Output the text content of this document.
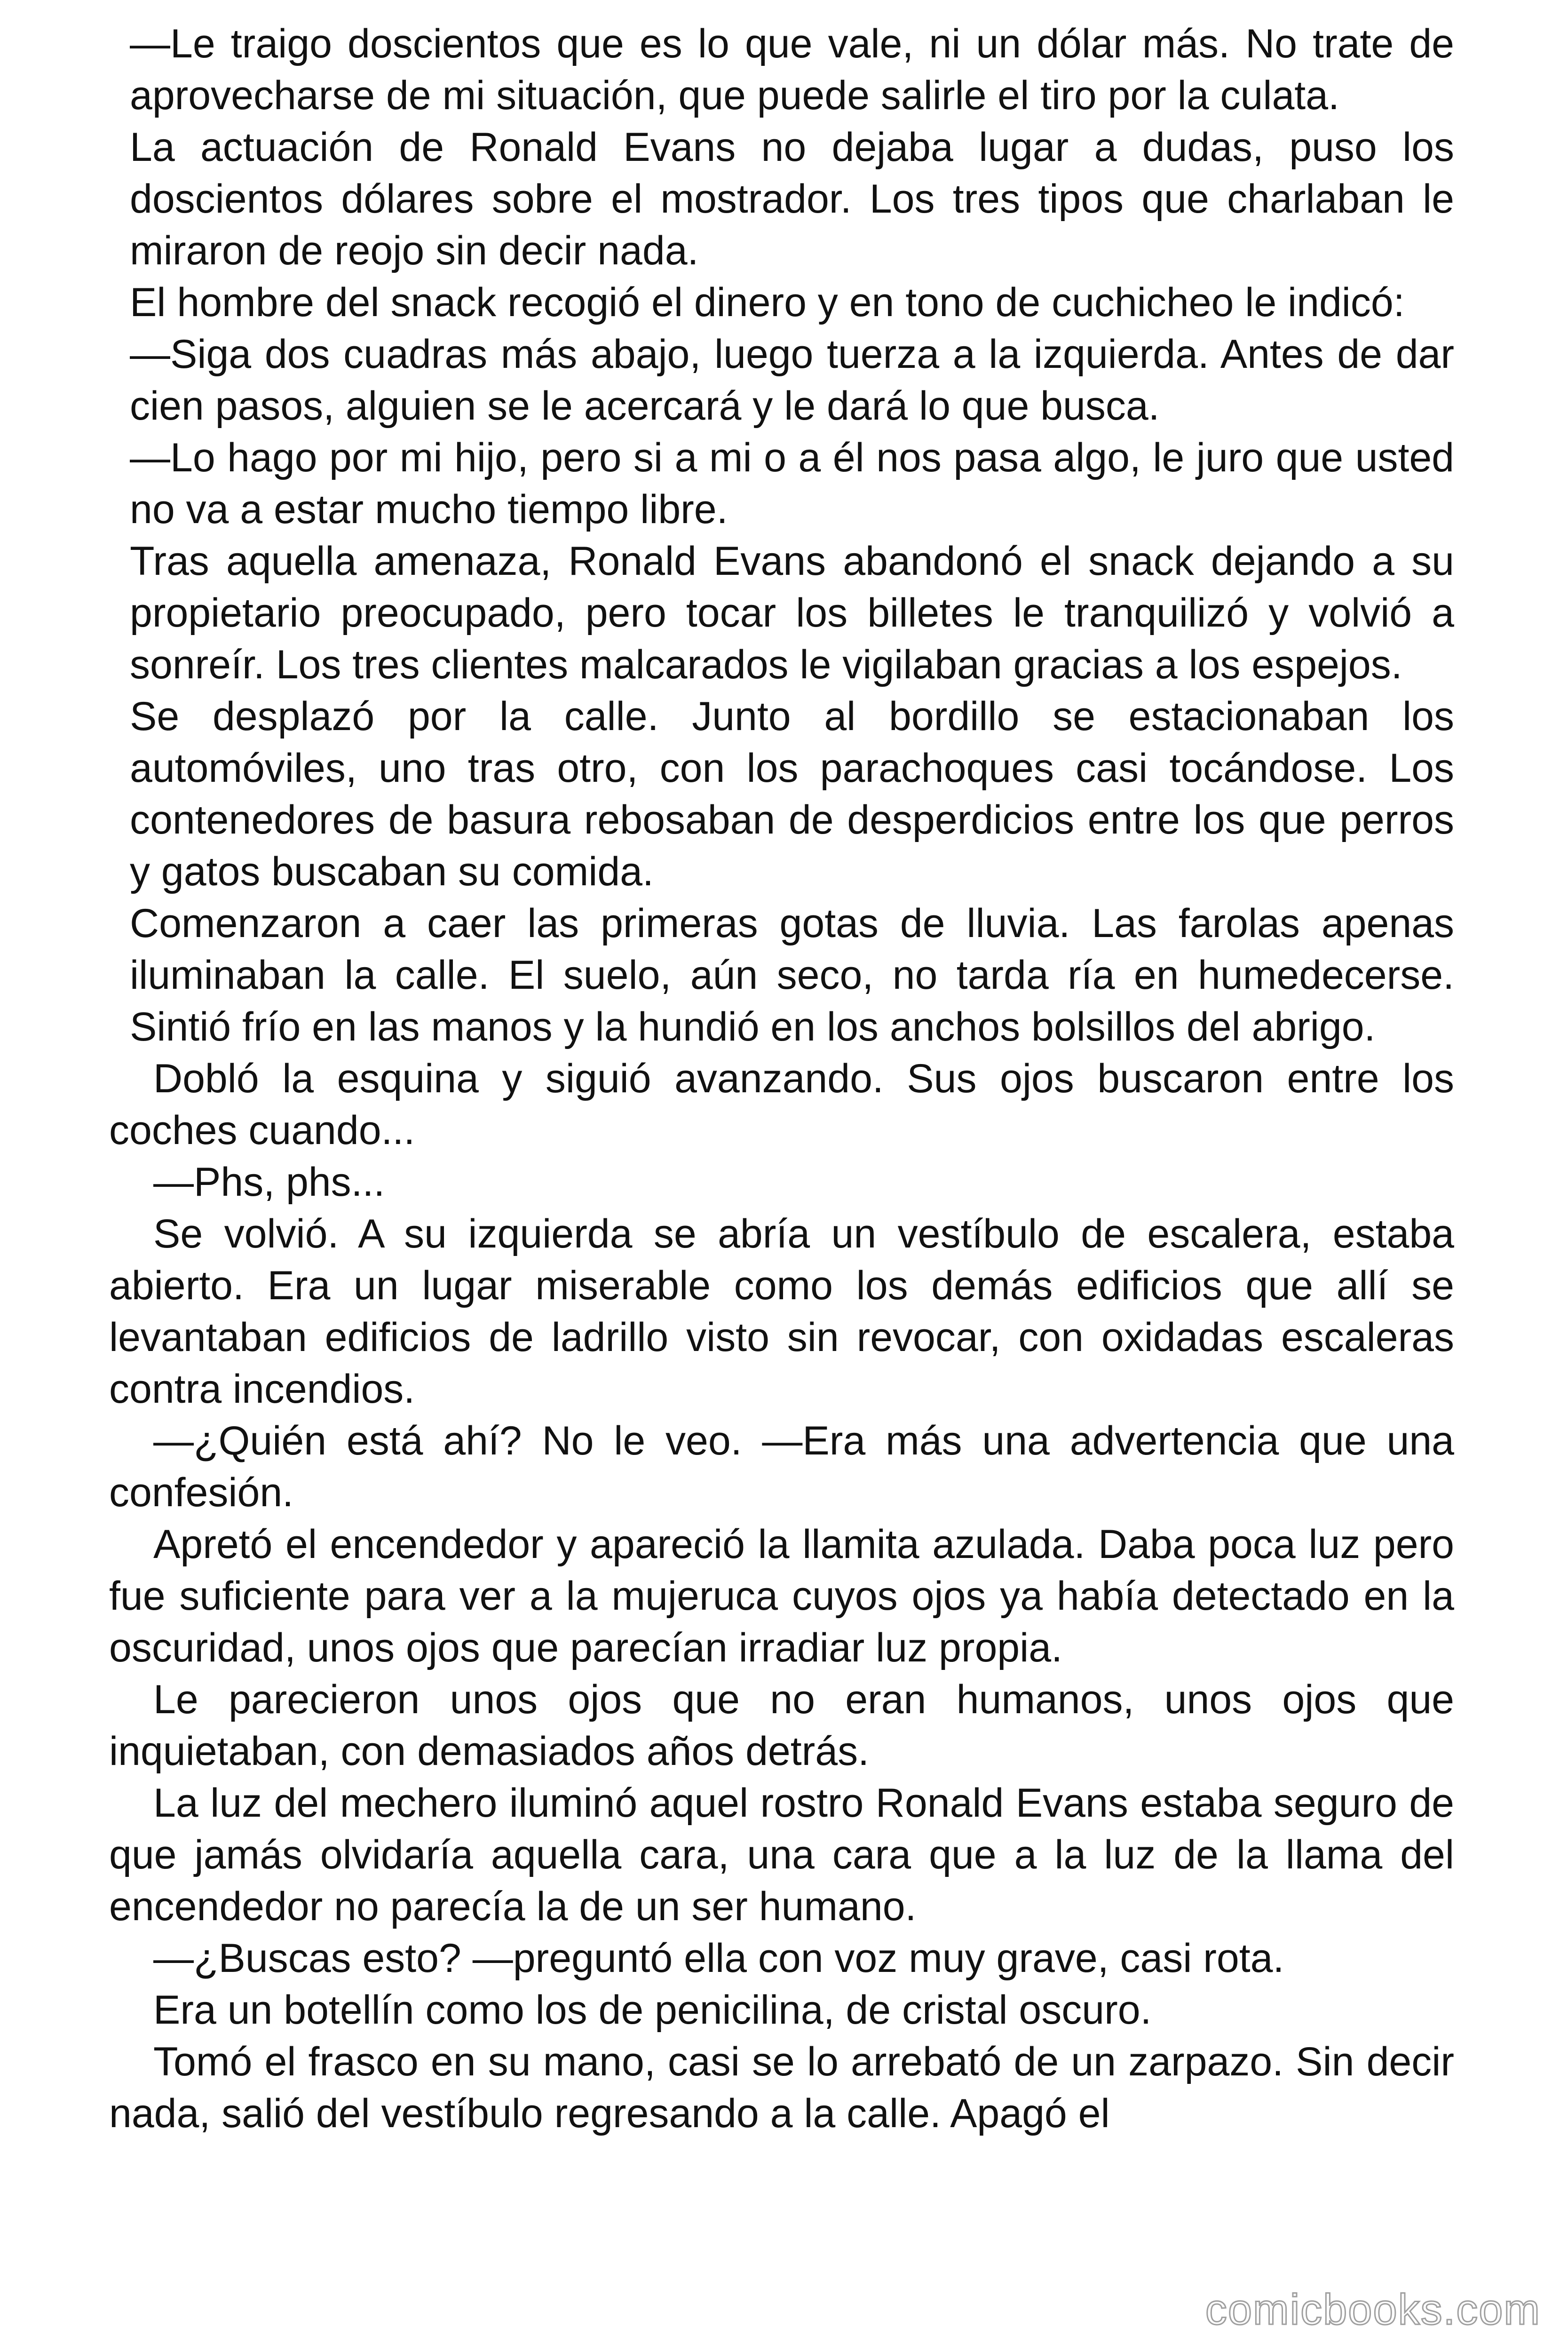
—Le traigo doscientos que es lo que vale, ni un dólar más. No trate de aprovecharse de mi situación, que puede salirle el tiro por la culata.

La actuación de Ronald Evans no dejaba lugar a dudas, puso los doscientos dólares sobre el mostrador. Los tres tipos que charlaban le miraron de reojo sin decir nada.

El hombre del snack recogió el dinero y en tono de cuchicheo le indicó:

—Siga dos cuadras más abajo, luego tuerza a la izquierda. Antes de dar cien pasos, alguien se le acercará y le dará lo que busca.

—Lo hago por mi hijo, pero si a mi o a él nos pasa algo, le juro que usted no va a estar mucho tiempo libre.

Tras aquella amenaza, Ronald Evans abandonó el snack dejando a su propietario preocupado, pero tocar los billetes le tranquilizó y volvió a sonreír. Los tres clientes malcarados le vigilaban gracias a los espejos.

Se desplazó por la calle. Junto al bordillo se estacionaban los automóviles, uno tras otro, con los parachoques casi tocándose. Los contenedores de basura rebosaban de desperdicios entre los que perros y gatos buscaban su comida.

Comenzaron a caer las primeras gotas de lluvia. Las farolas apenas iluminaban la calle. El suelo, aún seco, no tarda ría en humedecerse. Sintió frío en las manos y la hundió en los anchos bolsillos del abrigo.

Dobló la esquina y siguió avanzando. Sus ojos buscaron entre los coches cuando...

—Phs, phs...

Se volvió. A su izquierda se abría un vestíbulo de escalera, estaba abierto. Era un lugar miserable como los demás edificios que allí se levantaban edificios de ladrillo visto sin revocar, con oxidadas escaleras contra incendios.

—¿Quién está ahí? No le veo. —Era más una advertencia que una confesión.

Apretó el encendedor y apareció la llamita azulada. Daba poca luz pero fue suficiente para ver a la mujeruca cuyos ojos ya había detectado en la oscuridad, unos ojos que parecían irradiar luz propia.

Le parecieron unos ojos que no eran humanos, unos ojos que inquietaban, con demasiados años detrás.

La luz del mechero iluminó aquel rostro Ronald Evans estaba seguro de que jamás olvidaría aquella cara, una cara que a la luz de la llama del encendedor no parecía la de un ser humano.

—¿Buscas esto? —preguntó ella con voz muy grave, casi rota.

Era un botellín como los de penicilina, de cristal oscuro.

Tomó el frasco en su mano, casi se lo arrebató de un zarpazo. Sin decir nada, salió del vestíbulo regresando a la calle. Apagó el

comicbooks.com
